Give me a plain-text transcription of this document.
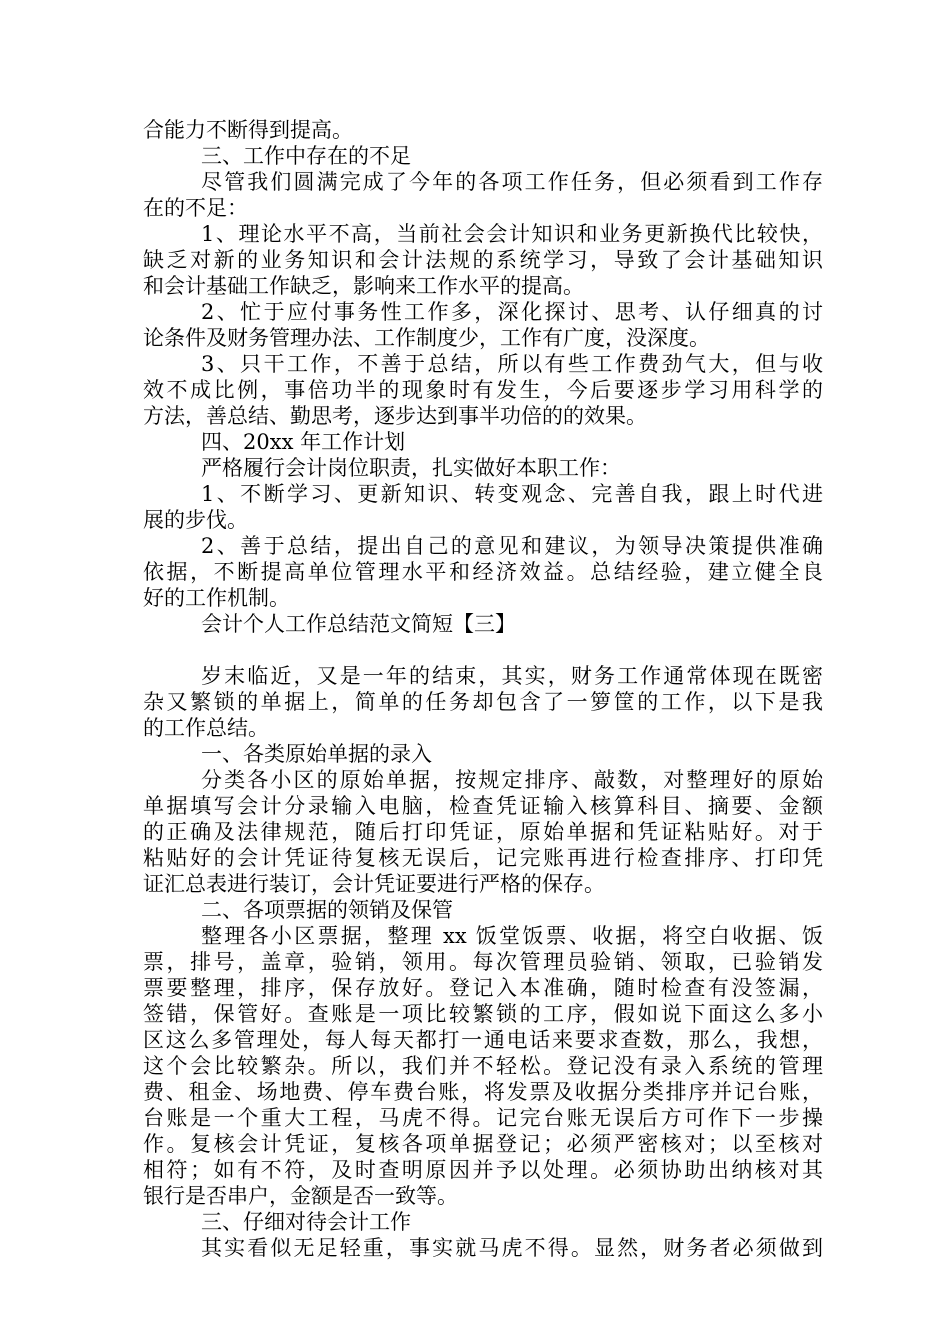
合能力不断得到提高。
三、工作中存在的不足
尽管我们圆满完成了今年的各项工作任务，但必须看到工作存
在的不足：
1、理论水平不高，当前社会会计知识和业务更新换代比较快，
缺乏对新的业务知识和会计法规的系统学习，导致了会计基础知识
和会计基础工作缺乏，影响来工作水平的提高。
2、忙于应付事务性工作多，深化探讨、思考、认仔细真的讨
论条件及财务管理办法、工作制度少，工作有广度，没深度。
3、只干工作，不善于总结，所以有些工作费劲气大，但与收
效不成比例，事倍功半的现象时有发生，今后要逐步学习用科学的
方法，善总结、勤思考，逐步达到事半功倍的的效果。
四、20xx 年工作计划
严格履行会计岗位职责，扎实做好本职工作：
1、不断学习、更新知识、转变观念、完善自我，跟上时代进
展的步伐。
2、善于总结，提出自己的意见和建议，为领导决策提供准确
依据，不断提高单位管理水平和经济效益。总结经验，建立健全良
好的工作机制。
会计个人工作总结范文简短【三】
岁末临近，又是一年的结束，其实，财务工作通常体现在既密
杂又繁锁的单据上，简单的任务却包含了一箩筐的工作，以下是我
的工作总结。
一、各类原始单据的录入
分类各小区的原始单据，按规定排序、敲数，对整理好的原始
单据填写会计分录输入电脑，检查凭证输入核算科目、摘要、金额
的正确及法律规范，随后打印凭证，原始单据和凭证粘贴好。对于
粘贴好的会计凭证待复核无误后，记完账再进行检查排序、打印凭
证汇总表进行装订，会计凭证要进行严格的保存。
二、各项票据的领销及保管
整理各小区票据，整理 xx 饭堂饭票、收据，将空白收据、饭
票，排号，盖章，验销，领用。每次管理员验销、领取，已验销发
票要整理，排序，保存放好。登记入本准确，随时检查有没签漏，
签错，保管好。查账是一项比较繁锁的工序，假如说下面这么多小
区这么多管理处，每人每天都打一通电话来要求查数，那么，我想，
这个会比较繁杂。所以，我们并不轻松。登记没有录入系统的管理
费、租金、场地费、停车费台账，将发票及收据分类排序并记台账，
台账是一个重大工程，马虎不得。记完台账无误后方可作下一步操
作。复核会计凭证，复核各项单据登记；必须严密核对；以至核对
相符；如有不符，及时查明原因并予以处理。必须协助出纳核对其
银行是否串户，金额是否一致等。
三、仔细对待会计工作
其实看似无足轻重，事实就马虎不得。显然，财务者必须做到
